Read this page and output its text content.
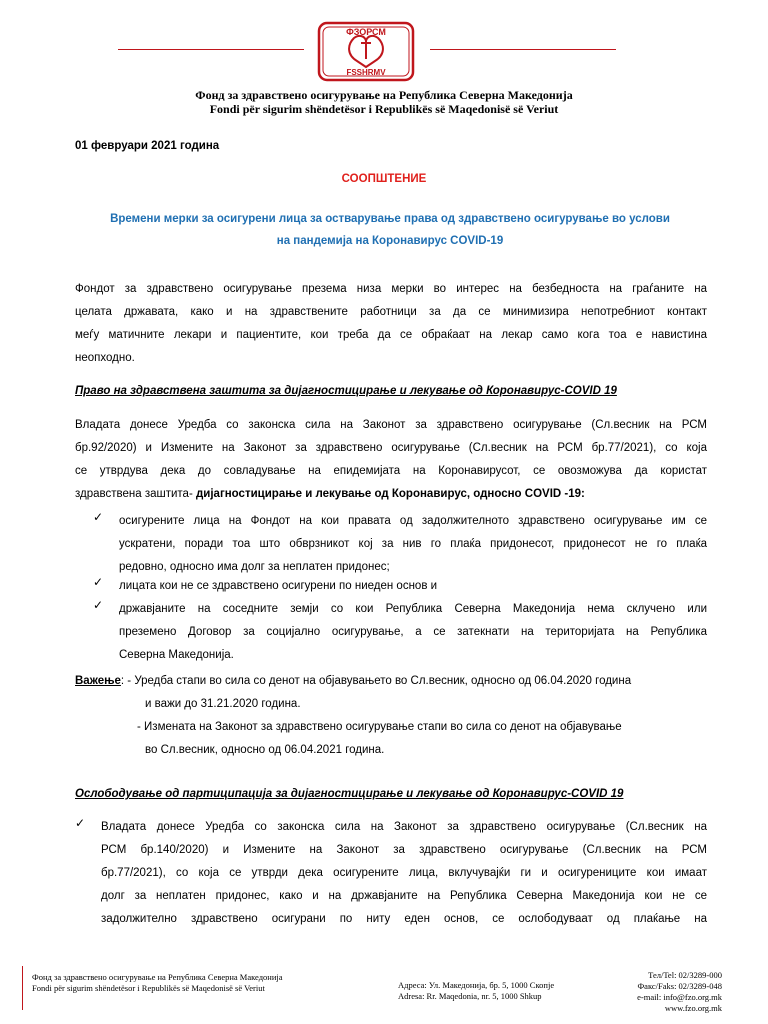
ФЗОРСМ
FSSHRMV
Фонд за здравствено осигурување на Република Северна Македонија
Fondi për sigurim shëndetësor i Republikës së Maqedonisë së Veriut
01 февруари 2021 година
СООПШТЕНИЕ
Времени мерки за осигурени лица за остварување права од здравствено осигурување во услови
на пандемија на Коронавирус COVID-19
Фондот за здравствено осигурување презема низа мерки во интерес на безбедноста на граѓаните на
целата државата, како и на здравствените работници за да се минимизира непотребниот контакт
меѓу матичните лекари и пациентите, кои треба да се обраќаат на лекар само кога тоа е навистина
неопходно.
Право на здравствена заштита за дијагностицирање и лекување од Коронавирус-COVID 19
Владата донесе Уредба со законска сила на Законот за здравствено осигурување (Сл.весник на РСМ
бр.92/2020) и Измените на Законот за здравствено осигурување (Сл.весник на РСМ бр.77/2021), со која
се утврдува дека до совладување на епидемијата на Коронавирусот, се овозможува да користат
здравствена заштита- дијагностицирање и лекување од Коронавирус, односно COVID -19:
✓ осигурените лица на Фондот на кои правата од задолжителното здравствено осигурување им се
ускратени, поради тоа што обврзникот кој за нив го плаќа придонесот, придонесот не го плаќа
редовно, односно има долг за неплатен придонес;
✓ лицата кои не се здравствено осигурени по ниеден основ и
✓ државјаните на соседните земји со кои Република Северна Македонија нема склучено или
преземено Договор за социјално осигурување, а се затекнати на територијата на Република
Северна Македонија.
Важење: - Уредба стапи во сила со денот на објавувањето во Сл.весник, односно од 06.04.2020 година
и важи до 31.21.2020 година.
- Измената на Законот за здравствено осигурување стапи во сила со денот на објавување
во Сл.весник, односно од 06.04.2021 година.
Ослободување од партиципација за дијагностицирање и лекување од Коронавирус-COVID 19
✓ Владата донесе Уредба со законска сила на Законот за здравствено осигурување (Сл.весник на
РСМ бр.140/2020) и Измените на Законот за здравствено осигурување (Сл.весник на РСМ
бр.77/2021), со која се утврди дека осигурените лица, вклучувајќи ги и осигурениците кои имаат
долг за неплатен придонес, како и на државјаните на Република Северна Македонија кои не се
задолжително здравствено осигурани по ниту еден основ, се ослободуваат од плаќање на
Фонд за здравствено осигурување на Република Северна Македонија
Fondi për sigurim shëndetësor i Republikës së Maqedonisë së Veriut	Адреса: Ул. Македонија, бр. 5, 1000 Скопје
Adresa: Rr. Maqedonia, nr. 5, 1000 Shkup
Тел/Tel: 02/3289-000
Факс/Faks: 02/3289-048
e-mail: info@fzo.org.mk
www.fzo.org.mk
